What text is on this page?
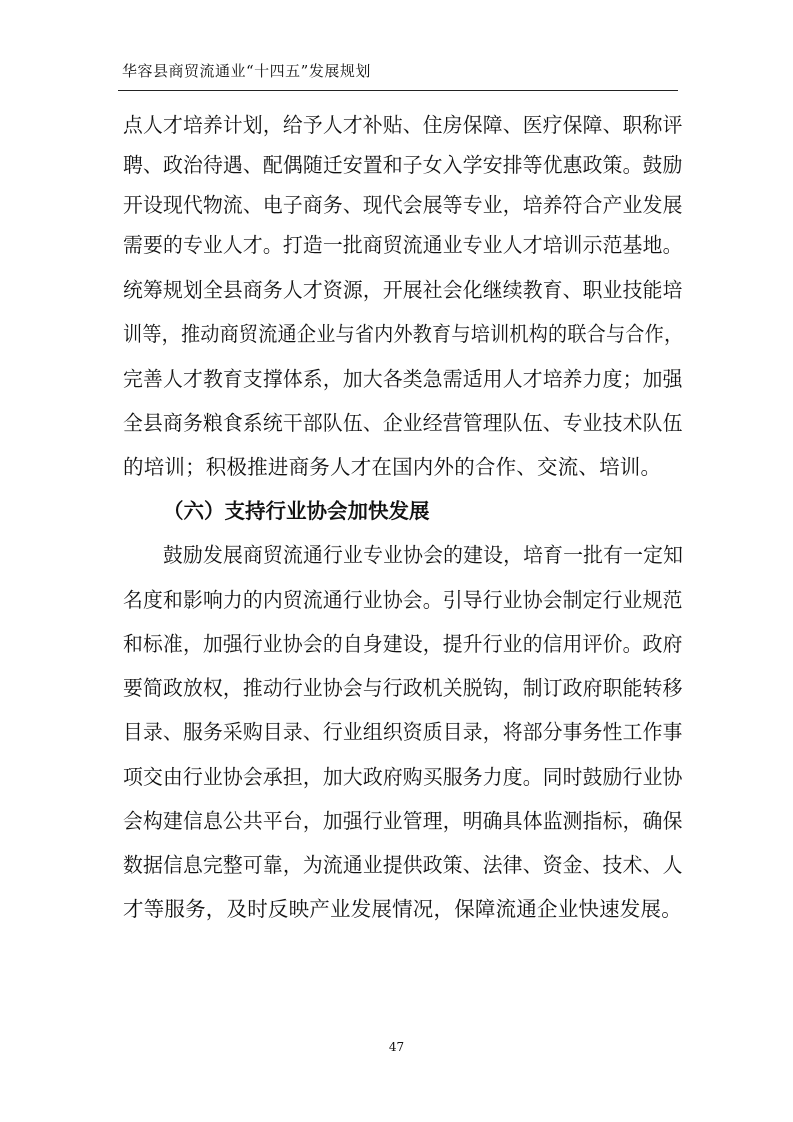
华容县商贸流通业“十四五”发展规划
点人才培养计划，给予人才补贴、住房保障、医疗保障、职称评
聘、政治待遇、配偶随迁安置和子女入学安排等优惠政策。鼓励
开设现代物流、电子商务、现代会展等专业，培养符合产业发展
需要的专业人才。打造一批商贸流通业专业人才培训示范基地。
统筹规划全县商务人才资源，开展社会化继续教育、职业技能培
训等，推动商贸流通企业与省内外教育与培训机构的联合与合作，
完善人才教育支撑体系，加大各类急需适用人才培养力度；加强
全县商务粮食系统干部队伍、企业经营管理队伍、专业技术队伍
的培训；积极推进商务人才在国内外的合作、交流、培训。
（六）支持行业协会加快发展
鼓励发展商贸流通行业专业协会的建设，培育一批有一定知
名度和影响力的内贸流通行业协会。引导行业协会制定行业规范
和标准，加强行业协会的自身建设，提升行业的信用评价。政府
要简政放权，推动行业协会与行政机关脱钩，制订政府职能转移
目录、服务采购目录、行业组织资质目录，将部分事务性工作事
项交由行业协会承担，加大政府购买服务力度。同时鼓励行业协
会构建信息公共平台，加强行业管理，明确具体监测指标，确保
数据信息完整可靠，为流通业提供政策、法律、资金、技术、人
才等服务，及时反映产业发展情况，保障流通企业快速发展。
47
